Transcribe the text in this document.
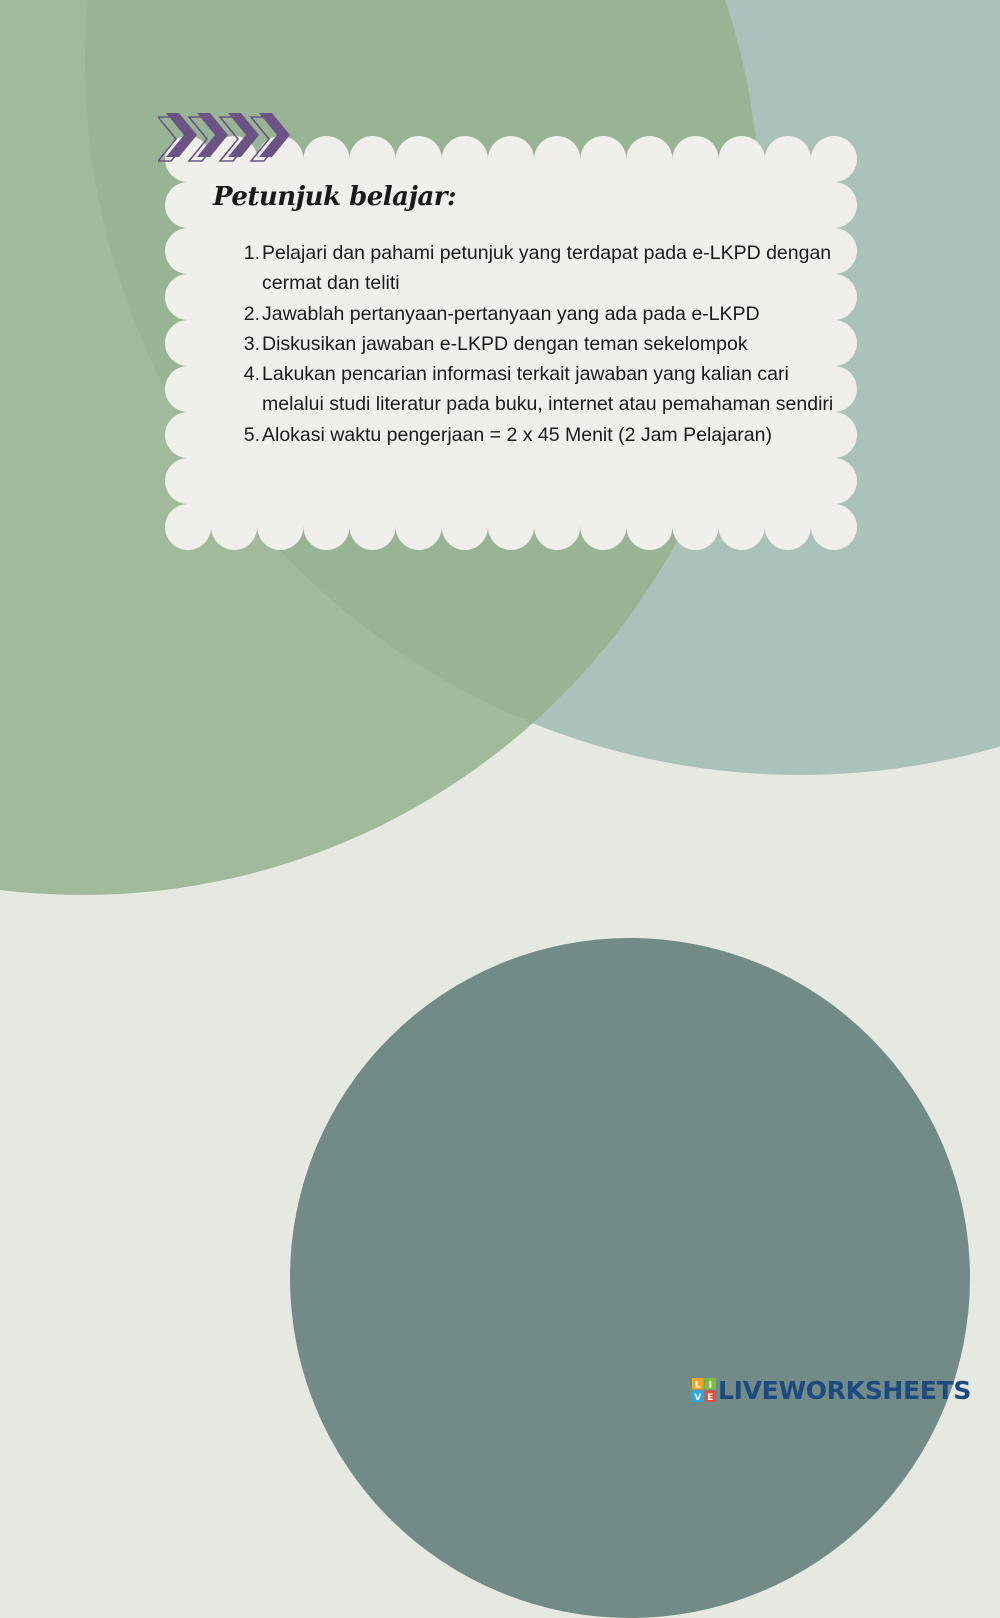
Petunjuk belajar:
1. Pelajari dan pahami petunjuk yang terdapat pada e-LKPD dengan cermat dan teliti
2. Jawablah pertanyaan-pertanyaan yang ada pada e-LKPD
3. Diskusikan jawaban e-LKPD dengan teman sekelompok
4. Lakukan pencarian informasi terkait jawaban yang kalian cari melalui studi literatur pada buku, internet atau pemahaman sendiri
5. Alokasi waktu pengerjaan = 2 x 45 Menit (2 Jam Pelajaran)
L I
V E LIVEWORKSHEETS
